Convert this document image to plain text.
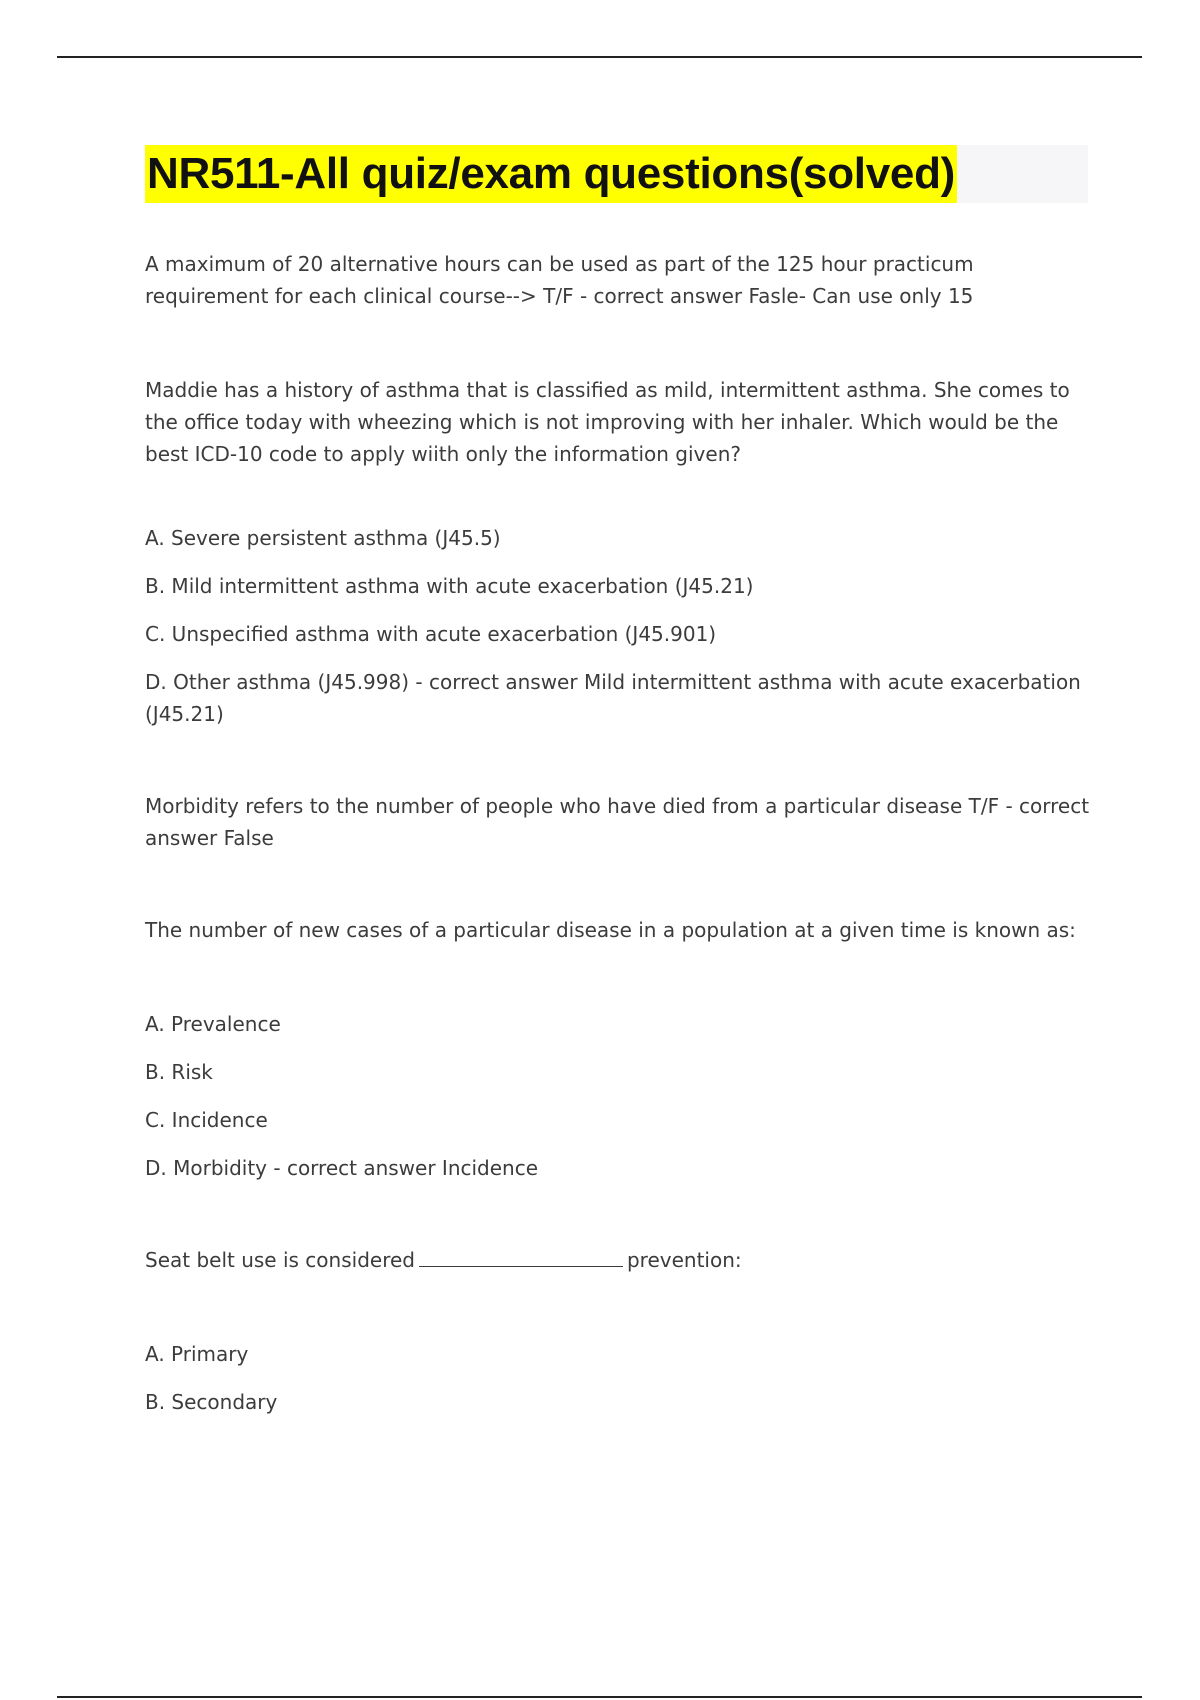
NR511-All quiz/exam questions(solved)

A maximum of 20 alternative hours can be used as part of the 125 hour practicum requirement for each clinical course--> T/F - correct answer Fasle- Can use only 15

Maddie has a history of asthma that is classified as mild, intermittent asthma. She comes to the office today with wheezing which is not improving with her inhaler. Which would be the best ICD-10 code to apply wiith only the information given?

A. Severe persistent asthma (J45.5)

B. Mild intermittent asthma with acute exacerbation (J45.21)

C. Unspecified asthma with acute exacerbation (J45.901)

D. Other asthma (J45.998) - correct answer Mild intermittent asthma with acute exacerbation (J45.21)

Morbidity refers to the number of people who have died from a particular disease T/F - correct answer False

The number of new cases of a particular disease in a population at a given time is known as:

A. Prevalence

B. Risk

C. Incidence

D. Morbidity - correct answer Incidence

Seat belt use is considered	prevention:

A. Primary

B. Secondary
